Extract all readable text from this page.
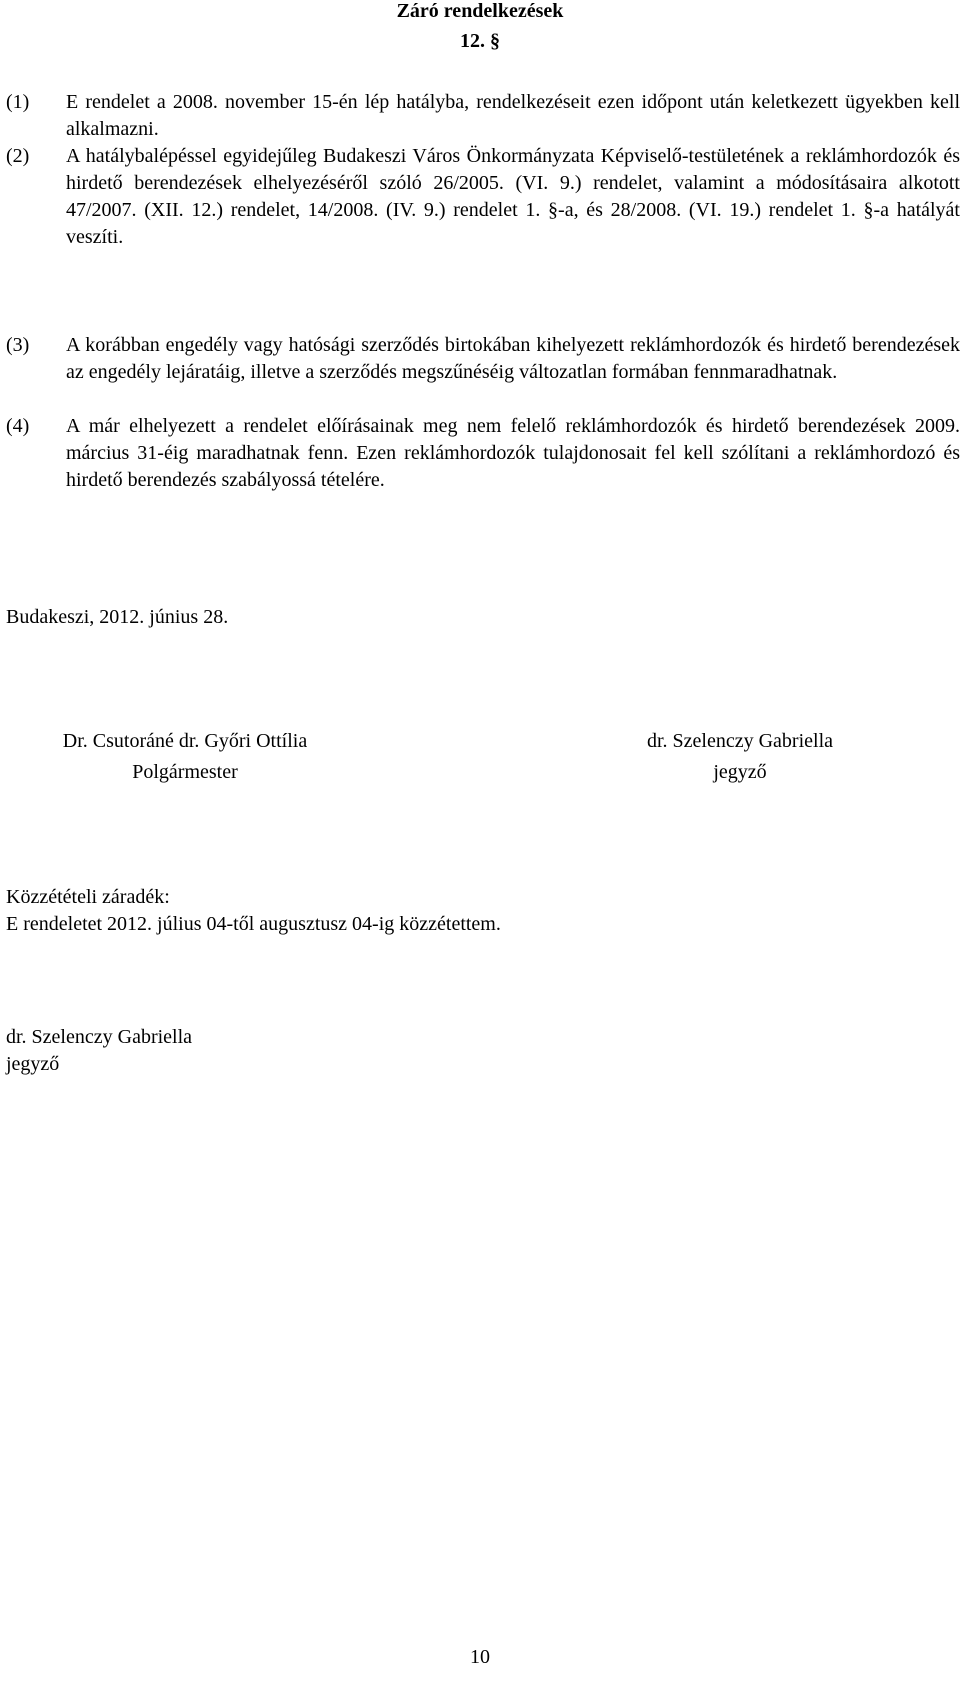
Záró rendelkezések
12. §
(1) E rendelet a 2008. november 15-én lép hatályba, rendelkezéseit ezen időpont után keletkezett ügyekben kell alkalmazni.
(2) A hatálybalépéssel egyidejűleg Budakeszi Város Önkormányzata Képviselő-testületének a reklámhordozók és hirdető berendezések elhelyezéséről szóló 26/2005. (VI. 9.) rendelet, valamint a módosításaira alkotott 47/2007. (XII. 12.) rendelet, 14/2008. (IV. 9.) rendelet 1. §-a, és 28/2008. (VI. 19.) rendelet 1. §-a hatályát veszíti.
(3) A korábban engedély vagy hatósági szerződés birtokában kihelyezett reklámhordozók és hirdető berendezések az engedély lejáratáig, illetve a szerződés megszűnéséig változatlan formában fennmaradhatnak.
(4) A már elhelyezett a rendelet előírásainak meg nem felelő reklámhordozók és hirdető berendezések 2009. március 31-éig maradhatnak fenn. Ezen reklámhordozók tulajdonosait fel kell szólítani a reklámhordozó és hirdető berendezés szabályossá tételére.
Budakeszi, 2012. június 28.
Dr. Csutoráné dr. Győri Ottília
Polgármester
dr. Szelenczy Gabriella
jegyző
Közzétételi záradék:
E rendeletet 2012. július 04-től augusztusz 04-ig közzétettem.
dr. Szelenczy Gabriella
jegyző
10
